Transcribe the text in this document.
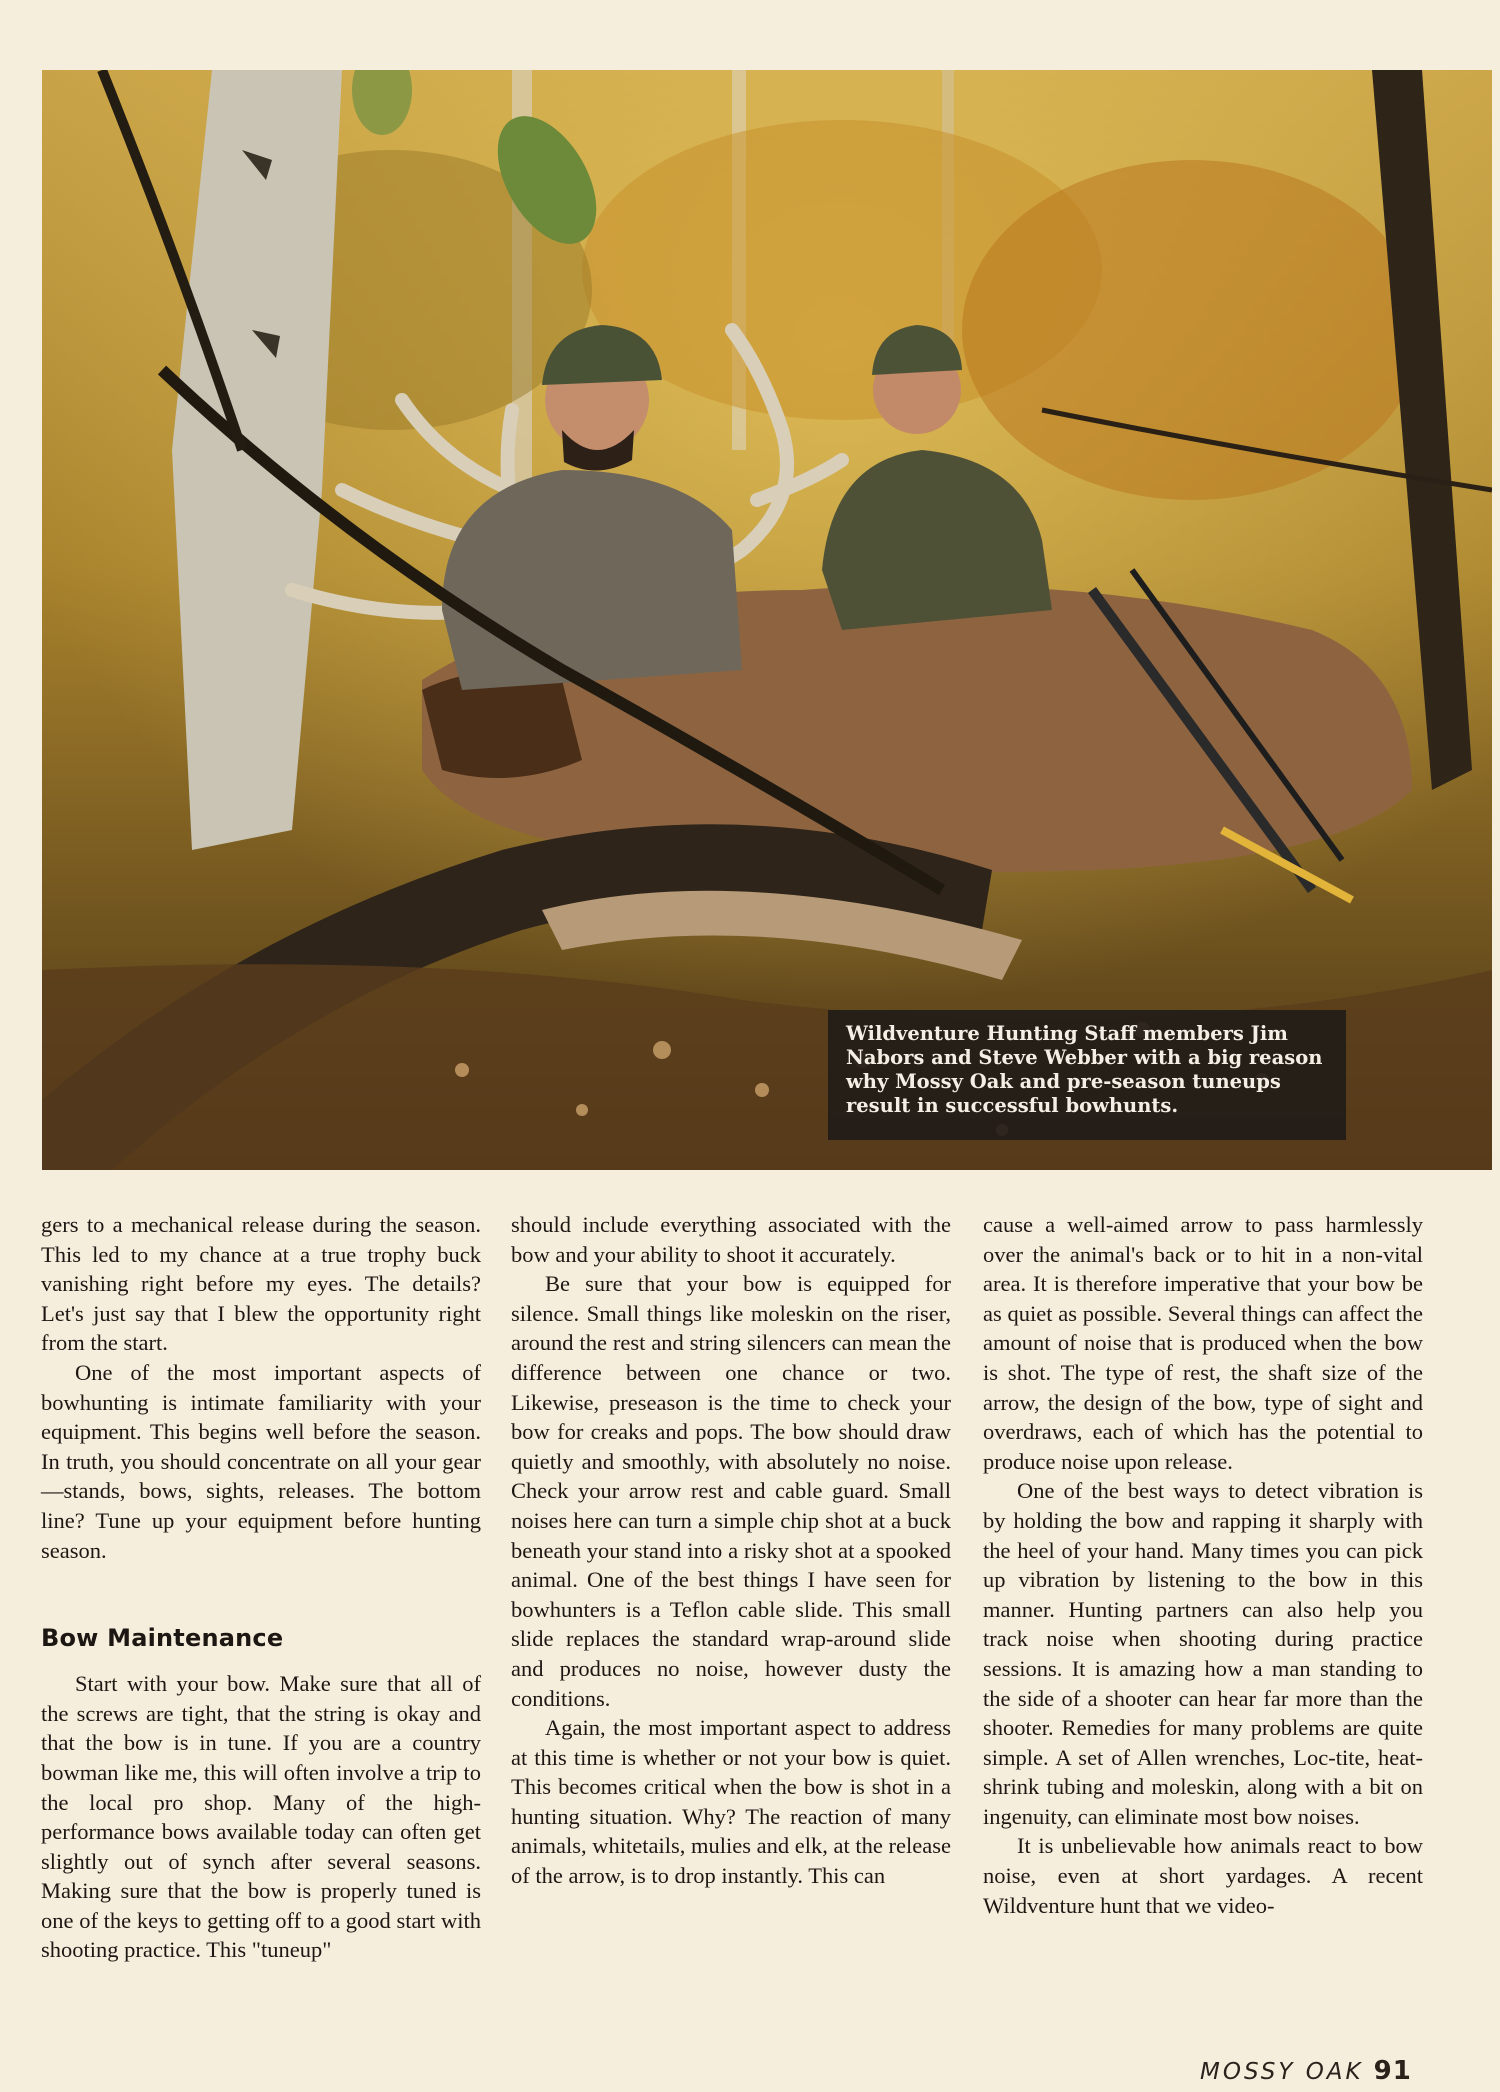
Wildventure Hunting Staff members Jim Nabors and Steve Webber with a big reason why Mossy Oak and pre-season tuneups result in successful bowhunts.

gers to a mechanical release during the season. This led to my chance at a true trophy buck vanishing right before my eyes. The details? Let's just say that I blew the opportunity right from the start.

One of the most important aspects of bowhunting is intimate familiarity with your equipment. This begins well before the season. In truth, you should concentrate on all your gear—stands, bows, sights, releases. The bottom line? Tune up your equipment before hunting season.

Bow Maintenance

Start with your bow. Make sure that all of the screws are tight, that the string is okay and that the bow is in tune. If you are a country bowman like me, this will often involve a trip to the local pro shop. Many of the high-performance bows available today can often get slightly out of synch after several seasons. Making sure that the bow is properly tuned is one of the keys to getting off to a good start with shooting practice. This "tuneup"

should include everything associated with the bow and your ability to shoot it accurately.

Be sure that your bow is equipped for silence. Small things like moleskin on the riser, around the rest and string silencers can mean the difference between one chance or two. Likewise, preseason is the time to check your bow for creaks and pops. The bow should draw quietly and smoothly, with absolutely no noise. Check your arrow rest and cable guard. Small noises here can turn a simple chip shot at a buck beneath your stand into a risky shot at a spooked animal. One of the best things I have seen for bowhunters is a Teflon cable slide. This small slide replaces the standard wrap-around slide and produces no noise, however dusty the conditions.

Again, the most important aspect to address at this time is whether or not your bow is quiet. This becomes critical when the bow is shot in a hunting situation. Why? The reaction of many animals, whitetails, mulies and elk, at the release of the arrow, is to drop instantly. This can

cause a well-aimed arrow to pass harmlessly over the animal's back or to hit in a non-vital area. It is therefore imperative that your bow be as quiet as possible. Several things can affect the amount of noise that is produced when the bow is shot. The type of rest, the shaft size of the arrow, the design of the bow, type of sight and overdraws, each of which has the potential to produce noise upon release.

One of the best ways to detect vibration is by holding the bow and rapping it sharply with the heel of your hand. Many times you can pick up vibration by listening to the bow in this manner. Hunting partners can also help you track noise when shooting during practice sessions. It is amazing how a man standing to the side of a shooter can hear far more than the shooter. Remedies for many problems are quite simple. A set of Allen wrenches, Loc-tite, heat-shrink tubing and moleskin, along with a bit on ingenuity, can eliminate most bow noises.

It is unbelievable how animals react to bow noise, even at short yardages. A recent Wildventure hunt that we video-

MOSSY OAK 91
